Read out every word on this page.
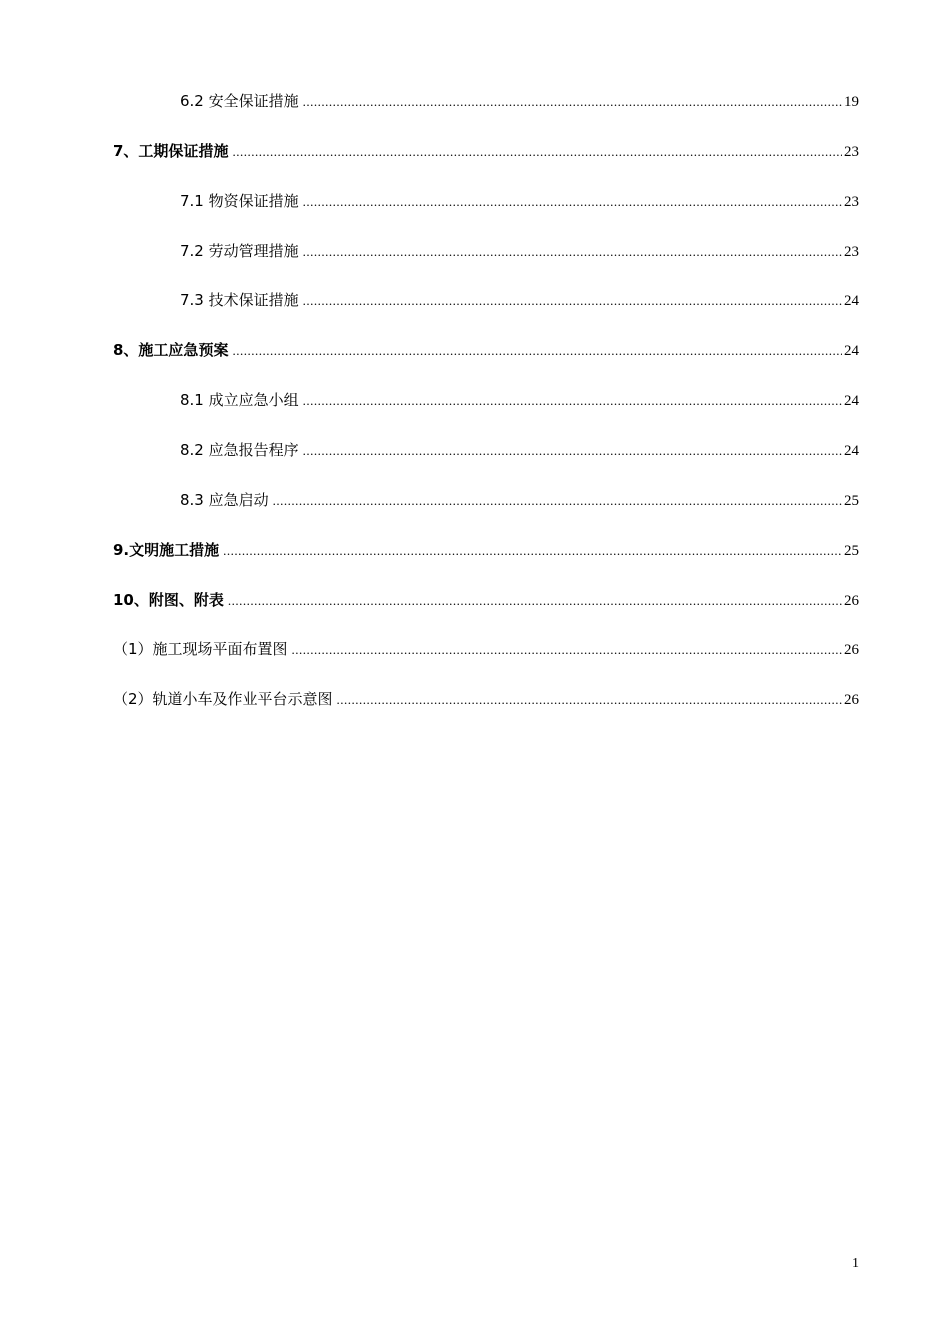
6.2 安全保证措施 .....	19
7、工期保证措施 .....	23
7.1 物资保证措施 .....	23
7.2 劳动管理措施 .....	23
7.3 技术保证措施 .....	24
8、施工应急预案 .....	24
8.1 成立应急小组 .....	24
8.2 应急报告程序 .....	24
8.3 应急启动 .....	25
9.文明施工措施 .....	25
10、附图、附表 .....	26
（1）施工现场平面布置图 .....	26
（2）轨道小车及作业平台示意图 .....	26
1
